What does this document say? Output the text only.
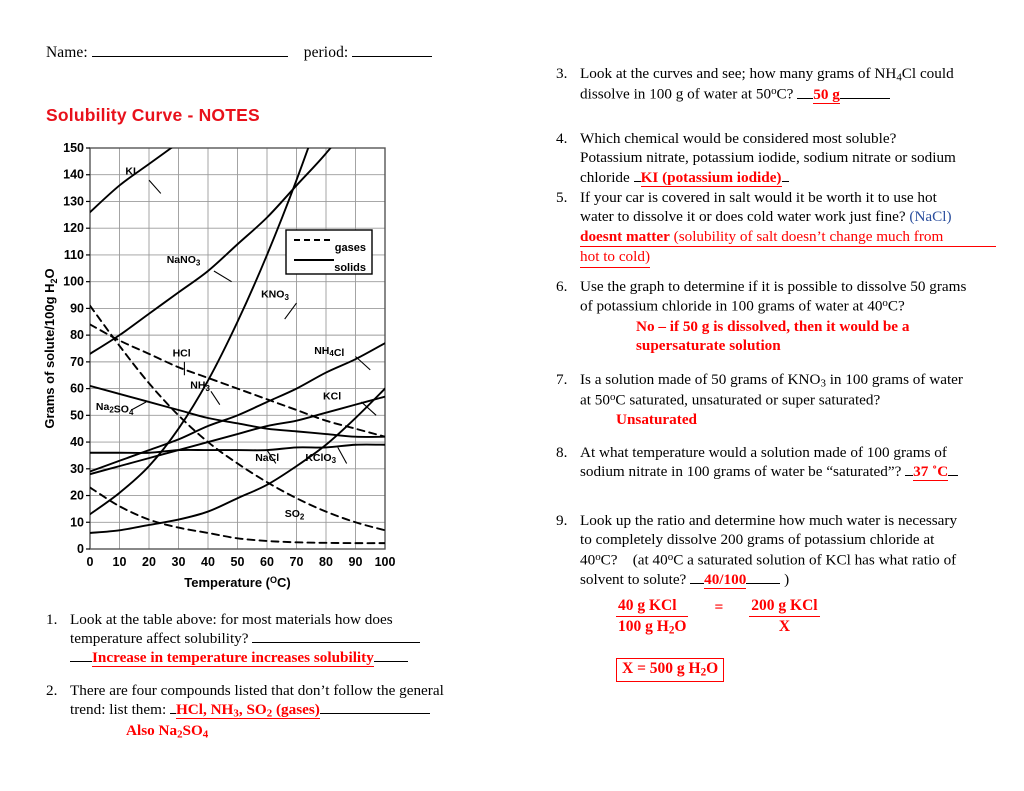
Name:	period:
Solubility Curve - NOTES
KI
NaNO$_3$
$KNO_3$
$NH_4Cl$
KCl
NaCl KClO$_3$
$Na_2SO_4$
HCl
$NH_3$
$SO_2$
0
10
20
30
40
50
60
70
80
90
100
110
120
130
140
150
0 10 20 30 40 50 60 70 80 90 100
Temperature ($^O$C)
Grams of solute/100g $H_2O$
gases
solids
1. Look at the table above: for most materials how does
temperature affect solubility?
Increase in temperature increases solubility
2. There are four compounds listed that don’t follow the general
trend: list them: HCl, $NH_3$, $SO_2$ (gases)
Also $Na_2SO_4$
3. Look at the curves and see; how many grams of $NH_4Cl$ could
dissolve in 100 g of water at 50$^o$C? 50 g
4. Which chemical would be considered most soluble?
Potassium nitrate, potassium iodide, sodium nitrate or sodium
chloride KI (potassium iodide)
5. If your car is covered in salt would it be worth it to use hot
water to dissolve it or does cold water work just fine? (NaCl)
doesnt matter (solubility of salt doesn’t change much from
hot to cold)
6. Use the graph to determine if it is possible to dissolve 50 grams
of potassium chloride in 100 grams of water at 40$^o$C?
No – if 50 g is dissolved, then it would be a
supersaturate solution
7. Is a solution made of 50 grams of $KNO_3$ in 100 grams of water
at 50$^o$C saturated, unsaturated or super saturated?
Unsaturated
8. At what temperature would a solution made of 100 grams of
sodium nitrate in 100 grams of water be “saturated”? 37 ˚C
9. Look up the ratio and determine how much water is necessary
to completely dissolve 200 grams of potassium chloride at
40$^o$C? (at 40$^o$C a saturated solution of KCl has what ratio of
solvent to solute? 40/100 )
$\frac{\text{40 g KCl}}{100 g H_2O} = \frac{\text{200 g KCl}}{X}$
X = 500 g $H_2O$
